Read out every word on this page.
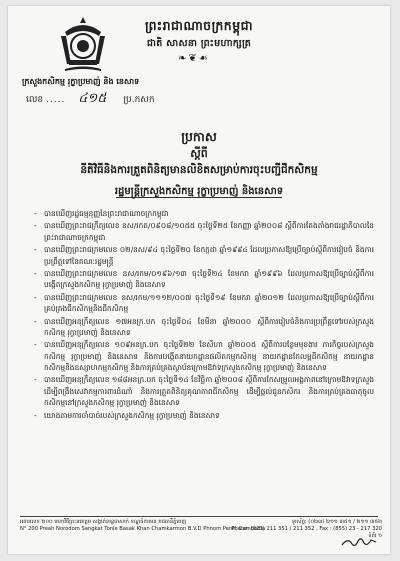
ព្រះរាជាណាចក្រកម្ពុជា
ជាតិ សាសនា ព្រះមហាក្សត្រ
❧❦☙
ក្រសួងកសិកម្ម រុក្ខាប្រមាញ់ និង នេសាទ
លេខ ..... ៤១៥ ប្រ.កសក
ប្រកាស
ស្តីពី
នីតិវិធីនិងការត្រួតពិនិត្យមានលិខិតសម្រាប់ការចុះបញ្ជីជីកសិកម្ម
រដ្ឋមន្ត្រីក្រសួងកសិកម្ម រុក្ខាប្រមាញ់ និងនេសាទ
- បានឃើញរដ្ឋធម្មនុញ្ញនៃព្រះរាជាណាចក្រកម្ពុជា
- បានឃើញព្រះរាជក្រឹត្យលេខ នស/រកត/០៩០៨/១០៥៥ ចុះថ្ងៃទី២៥ ខែកញ្ញា ឆ្នាំ២០០៨ ស្តីពីការតែងតាំងរាជរដ្ឋាភិបាលនៃព្រះរាជាណាចក្រកម្ពុជា
- បានឃើញព្រះរាជក្រមលេខ ០២/នស/៩៤ ចុះថ្ងៃទី២០ ខែកក្កដា ឆ្នាំ១៩៩៤ ដែលប្រកាសឱ្យប្រើច្បាប់ស្តីពីការរៀបចំ និងការប្រព្រឹត្តទៅនៃគណៈរដ្ឋមន្ត្រី
- បានឃើញព្រះរាជក្រមលេខ នស/រកម/០១៩៦/១៣ ចុះថ្ងៃទី២៤ ខែមករា ឆ្នាំ១៩៩៦ ដែលប្រកាសឱ្យប្រើច្បាប់ស្តីពីការបង្កើតក្រសួងកសិកម្ម រុក្ខាប្រមាញ់ និងនេសាទ
- បានឃើញព្រះរាជក្រមលេខ នស/រកម/១១១២/០០៧ ចុះថ្ងៃទី១៩ ខែមករា ឆ្នាំ២០១២ ដែលប្រកាសឱ្យប្រើច្បាប់ស្តីពីការគ្រប់គ្រងជីកសិកម្មនិងជីកសិកម្ម
- បានឃើញអនុក្រឹត្យលេខ ១៧អនក្រ.បក ចុះថ្ងៃទី០៤ ខែមីនា ឆ្នាំ២០០០ ស្តីពីការរៀបចំនិងការប្រព្រឹត្តទៅរបស់ក្រសួងកសិកម្ម រុក្ខាប្រមាញ់ និងនេសាទ
- បានឃើញអនុក្រឹត្យលេខ ១០៩អនក្រ.បក ចុះថ្ងៃទី២២ ខែសីហា ឆ្នាំ២០០៥ ស្តីពីការបន្ថែមមុខងារ ភារកិច្ចរបស់ក្រសួងកសិកម្ម រុក្ខាប្រមាញ់ និងនេសាទ និងការបង្កើតនាយកដ្ឋានផលិតកម្មកសិកម្ម នាយកដ្ឋានកែលម្អដីកសិកម្ម នាយកដ្ឋានកសិកម្មនិងឧស្សាហកម្មកសិកម្ម និងការគ្រប់គ្រងស្ថាប័នក្រោមឱវាទក្រសួងកសិកម្ម រុក្ខាប្រមាញ់ និងនេសាទ
- បានឃើញអនុក្រឹត្យលេខ ១៨៨អនក្រ.បក ចុះថ្ងៃទី១៤ ខែវិច្ឆិកា ឆ្នាំ២០០៨ ស្តីពីការកែសម្រួលអង្គភាពនៅក្រោមឱវាទក្រសួងដើម្បីពង្រឹងសេវាកម្មការពារដំណាំ និងការត្រួតពិនិត្យគុណភាពជីកសិកម្ម ដើម្បីផ្តល់ជូនកសិករ និងការគ្រប់គ្រងធាតុចូលកសិកម្មនៅក្រសួងកសិកម្ម រុក្ខាប្រមាញ់ និងនេសាទ
- យោងតាមការចាំបាច់របស់ក្រសួងកសិកម្ម រុក្ខាប្រមាញ់ និងនេសាទ
អគារលេខ ២០០ មហាវិថីព្រះនរោត្តម សង្កាត់ទន្លេបាសាក់ ខណ្ឌចំការមន រាជធានីភ្នំពេញ
N° 200 Preah Norodom Sangkat Tonle Basak Khan Chamkarmon B.V.D Phnom Penh, Cambodia
ទូរស័ព្ទ: (០២៣) ២១១ ៣៥១ / ២១១ ៣៥២
Phone: (023) 211 351 / 211 352 , Fax : (855) 23 - 217 320
ទំព័រ ១
